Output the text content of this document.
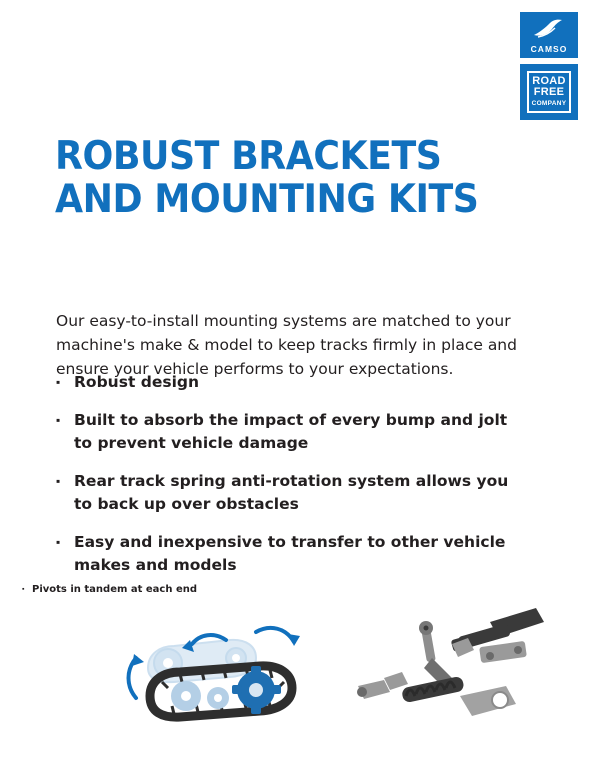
CAMSO
ROAD
FREE
COMPANY
ROBUST BRACKETS
AND MOUNTING KITS

Our easy-to-install mounting systems are matched to your machine's make & model to keep tracks firmly in place and ensure your vehicle performs to your expectations.

▪ Robust design
▪ Built to absorb the impact of every bump and jolt to prevent vehicle damage
▪ Rear track spring anti-rotation system allows you to back up over obstacles
▪ Easy and inexpensive to transfer to other vehicle makes and models
▪ Pivots in tandem at each end
